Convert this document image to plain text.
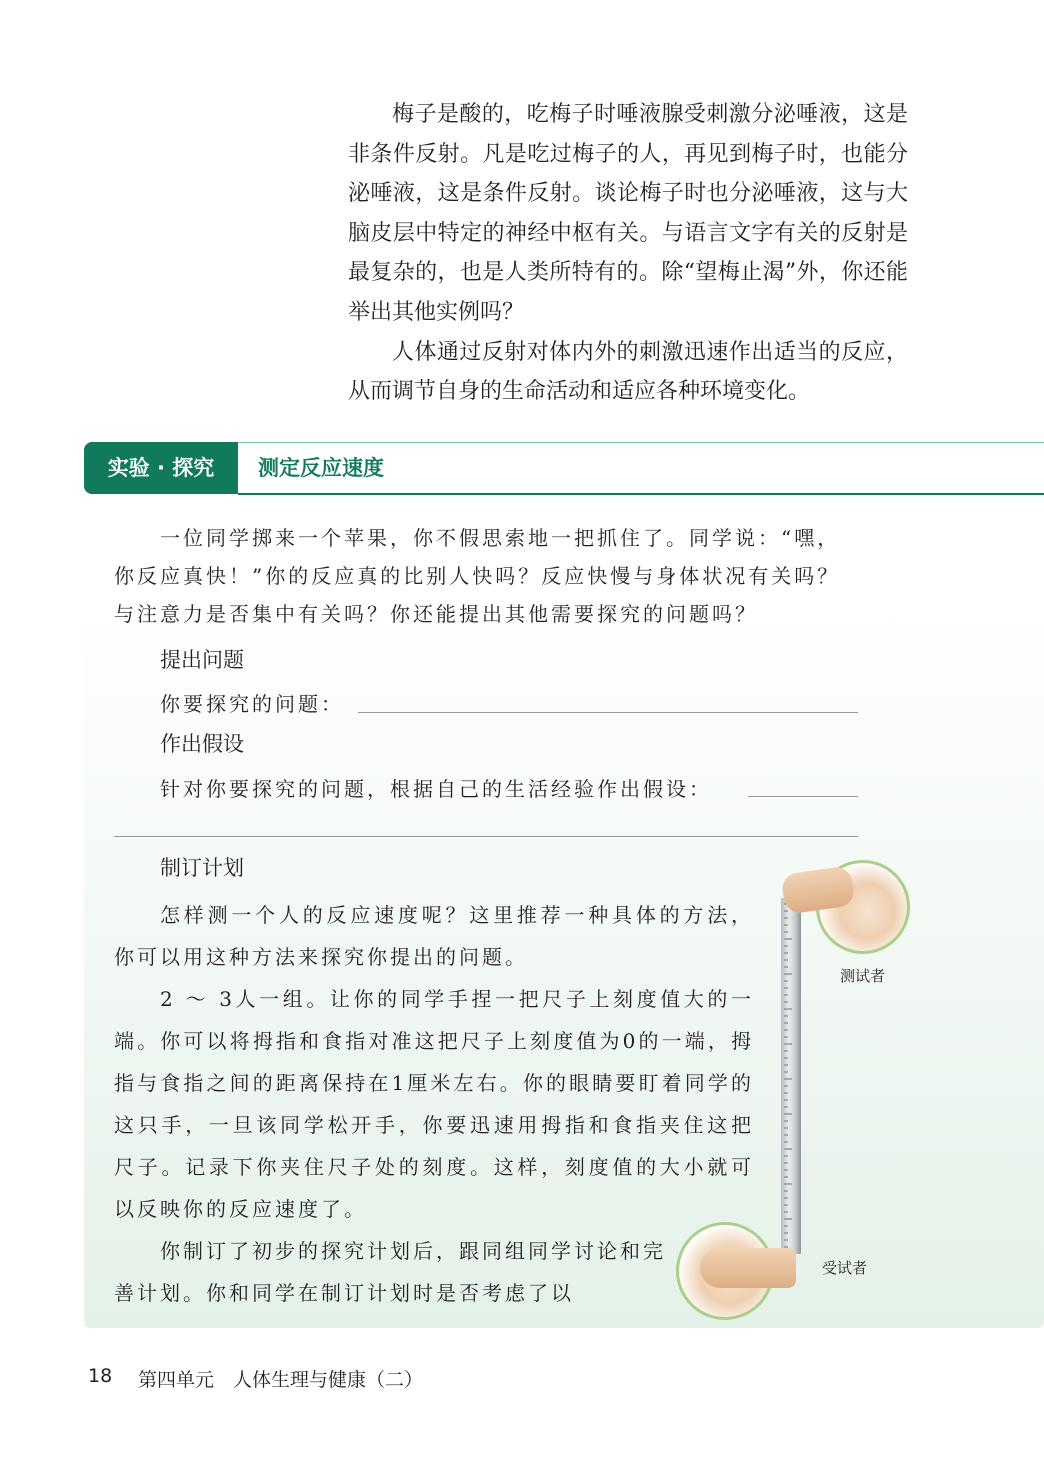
梅子是酸的，吃梅子时唾液腺受刺激分泌唾液，这是非条件反射。凡是吃过梅子的人，再见到梅子时，也能分泌唾液，这是条件反射。谈论梅子时也分泌唾液，这与大脑皮层中特定的神经中枢有关。与语言文字有关的反射是最复杂的，也是人类所特有的。除“望梅止渴”外，你还能举出其他实例吗？

人体通过反射对体内外的刺激迅速作出适当的反应，从而调节自身的生命活动和适应各种环境变化。

实验 · 探究	测定反应速度

一位同学掷来一个苹果，你不假思索地一把抓住了。同学说：“嘿，你反应真快！”你的反应真的比别人快吗？反应快慢与身体状况有关吗？与注意力是否集中有关吗？你还能提出其他需要探究的问题吗？

提出问题
你要探究的问题：
作出假设
针对你要探究的问题，根据自己的生活经验作出假设：
制订计划

怎样测一个人的反应速度呢？这里推荐一种具体的方法，你可以用这种方法来探究你提出的问题。

2 ～ 3人一组。让你的同学手捏一把尺子上刻度值大的一端。你可以将拇指和食指对准这把尺子上刻度值为0的一端，拇指与食指之间的距离保持在1厘米左右。你的眼睛要盯着同学的这只手，一旦该同学松开手，你要迅速用拇指和食指夹住这把尺子。记录下你夹住尺子处的刻度。这样，刻度值的大小就可以反映你的反应速度了。

你制订了初步的探究计划后，跟同组同学讨论和完善计划。你和同学在制订计划时是否考虑了以

测试者
受试者
18 第四单元　人体生理与健康（二）
